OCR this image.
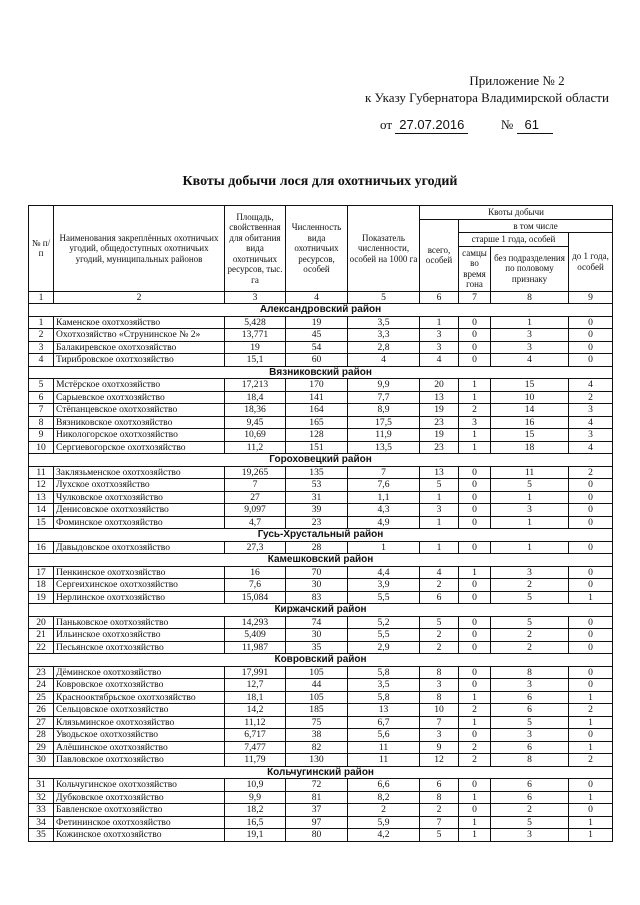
Приложение № 2
к Указу Губернатора Владимирской области
от 27.07.2016	№ 61
Квоты добычи лося для охотничьих угодий
№ п/п	Наименования закреплённых охотничьих угодий, общедоступных охотничьих угодий, муниципальных районов	Площадь, свойственная для обитания вида охотничьих ресурсов, тыс. га	Численность вида охотничьих ресурсов, особей	Показатель численности, особей на 1000 га	Квоты добычи			
					всего, особей	в том числе		
						старше 1 года, особей		до 1 года, особей
						самцы во время гона	без подразделения по половому признаку	
1	2	3	4	5	6	7	8	9
Александровский район								
1	Каменское охотхозяйство	5,428	19	3,5	1	0	1	0
2	Охотхозяйство «Струнинское № 2»	13,771	45	3,3	3	0	3	0
3	Балакиревское охотхозяйство	19	54	2,8	3	0	3	0
4	Тирибровское охотхозяйство	15,1	60	4	4	0	4	0
Вязниковский район								
5	Мстёрское охотхозяйство	17,213	170	9,9	20	1	15	4
6	Сарыевское охотхозяйство	18,4	141	7,7	13	1	10	2
7	Стёпанцевское охотхозяйство	18,36	164	8,9	19	2	14	3
8	Вязниковское охотхозяйство	9,45	165	17,5	23	3	16	4
9	Никологорское охотхозяйство	10,69	128	11,9	19	1	15	3
10	Сергиевогорское охотхозяйство	11,2	151	13,5	23	1	18	4
Гороховецкий район								
11	Заклязьменское охотхозяйство	19,265	135	7	13	0	11	2
12	Лухское охотхозяйство	7	53	7,6	5	0	5	0
13	Чулковское охотхозяйство	27	31	1,1	1	0	1	0
14	Денисовское охотхозяйство	9,097	39	4,3	3	0	3	0
15	Фоминское охотхозяйство	4,7	23	4,9	1	0	1	0
Гусь-Хрустальный район								
16	Давыдовское охотхозяйство	27,3	28	1	1	0	1	0
Камешковский район								
17	Пенкинское охотхозяйство	16	70	4,4	4	1	3	0
18	Сергеихинское охотхозяйство	7,6	30	3,9	2	0	2	0
19	Нерлинское охотхозяйство	15,084	83	5,5	6	0	5	1
Киржачский район								
20	Паньковское охотхозяйство	14,293	74	5,2	5	0	5	0
21	Ильинское охотхозяйство	5,409	30	5,5	2	0	2	0
22	Песьянское охотхозяйство	11,987	35	2,9	2	0	2	0
Ковровский район								
23	Дёминское охотхозяйство	17,991	105	5,8	8	0	8	0
24	Ковровское охотхозяйство	12,7	44	3,5	3	0	3	0
25	Красноoктябрьское охотхозяйство	18,1	105	5,8	8	1	6	1
26	Сельцовское охотхозяйство	14,2	185	13	10	2	6	2
27	Клязьминское охотхозяйство	11,12	75	6,7	7	1	5	1
28	Уводьское охотхозяйство	6,717	38	5,6	3	0	3	0
29	Алёшинское охотхозяйство	7,477	82	11	9	2	6	1
30	Павловское охотхозяйство	11,79	130	11	12	2	8	2
Кольчугинский район								
31	Кольчугинское охотхозяйство	10,9	72	6,6	6	0	6	0
32	Дубковское охотхозяйство	9,9	81	8,2	8	1	6	1
33	Бавленское охотхозяйство	18,2	37	2	2	0	2	0
34	Фетининское охотхозяйство	16,5	97	5,9	7	1	5	1
35	Кожинское охотхозяйство	19,1	80	4,2	5	1	3	1
